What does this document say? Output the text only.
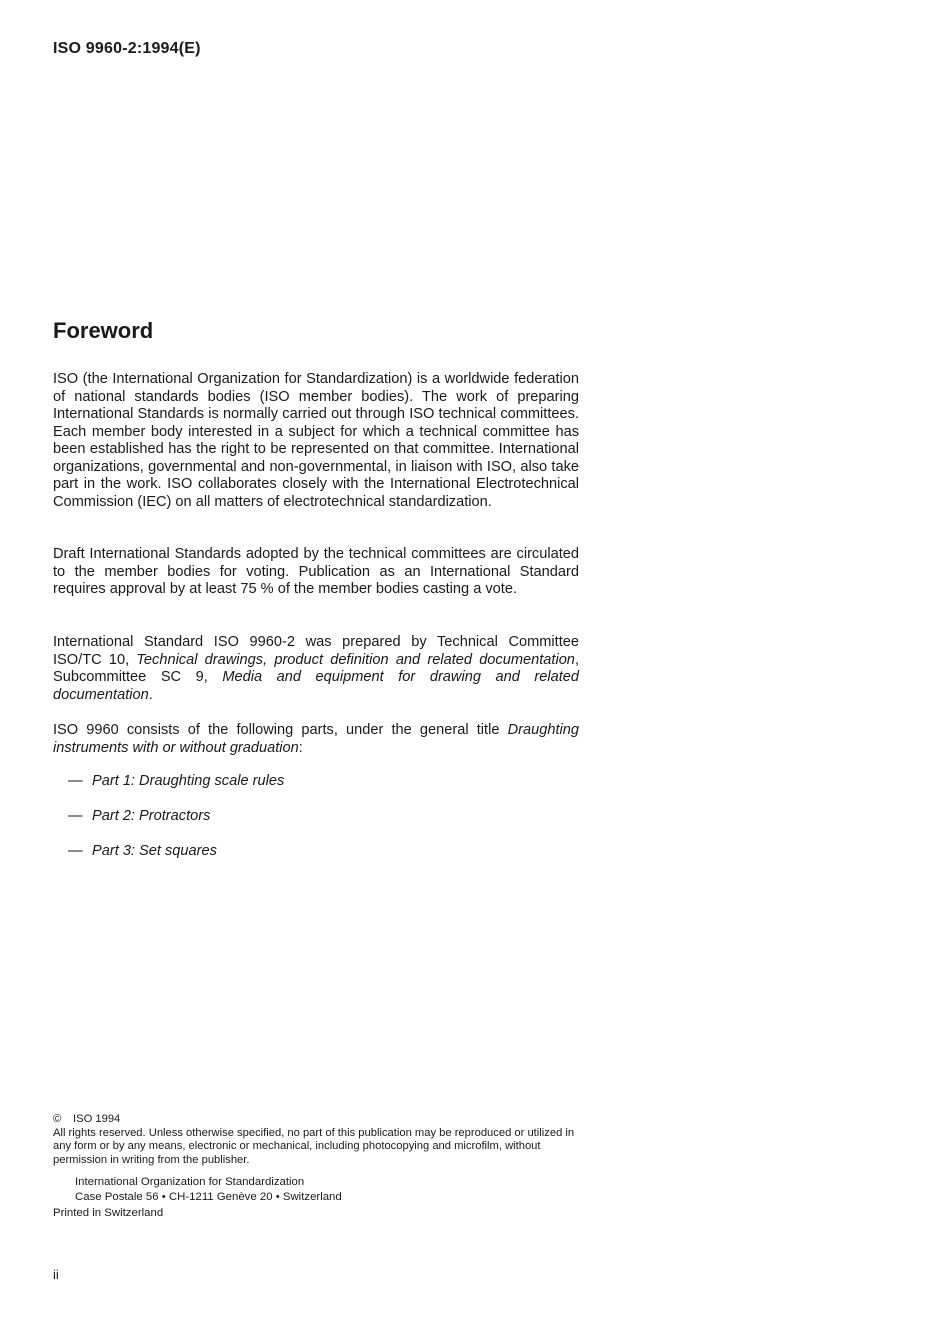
ISO 9960-2:1994(E)
Foreword

ISO (the International Organization for Standardization) is a worldwide federation of national standards bodies (ISO member bodies). The work of preparing International Standards is normally carried out through ISO technical committees. Each member body interested in a subject for which a technical committee has been established has the right to be represented on that committee. International organizations, governmental and non-governmental, in liaison with ISO, also take part in the work. ISO collaborates closely with the International Electrotechnical Commission (IEC) on all matters of electrotechnical standardization.

Draft International Standards adopted by the technical committees are circulated to the member bodies for voting. Publication as an International Standard requires approval by at least 75 % of the member bodies casting a vote.

International Standard ISO 9960-2 was prepared by Technical Committee ISO/TC 10, Technical drawings, product definition and related documentation, Subcommittee SC 9, Media and equipment for drawing and related documentation.

ISO 9960 consists of the following parts, under the general title Draughting instruments with or without graduation:

— Part 1: Draughting scale rules
— Part 2: Protractors
— Part 3: Set squares
© ISO 1994
All rights reserved. Unless otherwise specified, no part of this publication may be reproduced or utilized in any form or by any means, electronic or mechanical, including photocopying and microfilm, without permission in writing from the publisher.
International Organization for Standardization
Case Postale 56 • CH-1211 Genève 20 • Switzerland
Printed in Switzerland
ii
